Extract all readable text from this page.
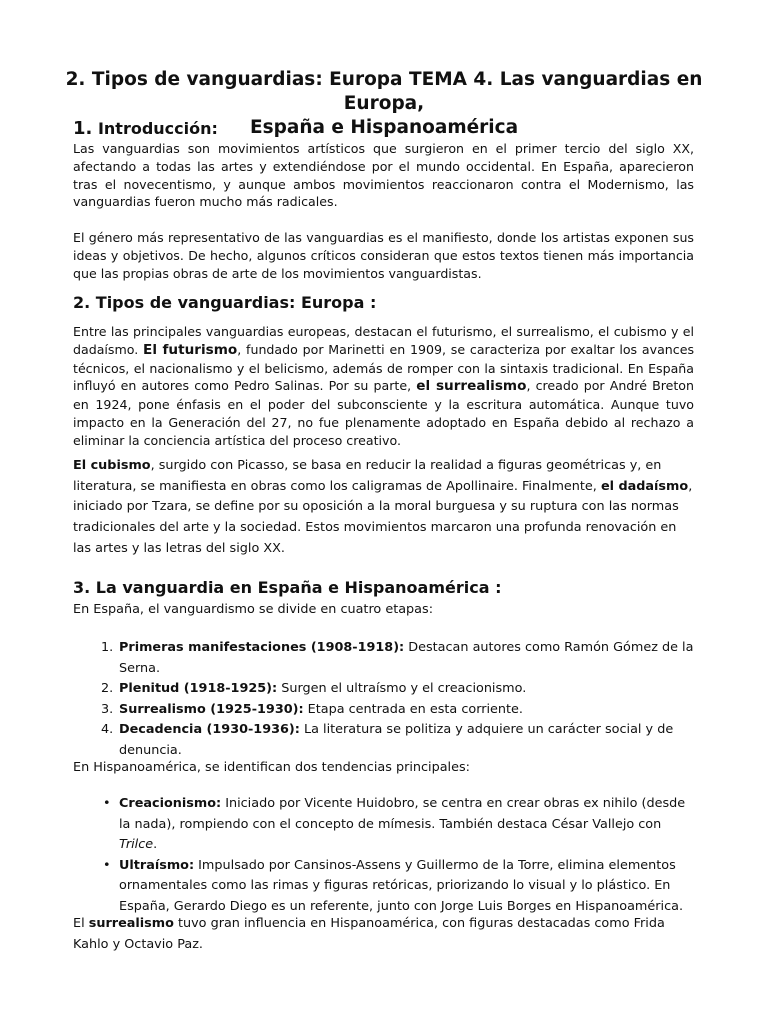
2. Tipos de vanguardias: Europa TEMA 4. Las vanguardias en Europa,
España e Hispanoamérica
1. Introducción:
Las vanguardias son movimientos artísticos que surgieron en el primer tercio del siglo XX, afectando a todas las artes y extendiéndose por el mundo occidental. En España, aparecieron tras el novecentismo, y aunque ambos movimientos reaccionaron contra el Modernismo, las vanguardias fueron mucho más radicales.
El género más representativo de las vanguardias es el manifiesto, donde los artistas exponen sus ideas y objetivos. De hecho, algunos críticos consideran que estos textos tienen más importancia que las propias obras de arte de los movimientos vanguardistas.
2. Tipos de vanguardias: Europa :
Entre las principales vanguardias europeas, destacan el futurismo, el surrealismo, el cubismo y el dadaísmo. El futurismo, fundado por Marinetti en 1909, se caracteriza por exaltar los avances técnicos, el nacionalismo y el belicismo, además de romper con la sintaxis tradicional. En España influyó en autores como Pedro Salinas. Por su parte, el surrealismo, creado por André Breton en 1924, pone énfasis en el poder del subconsciente y la escritura automática. Aunque tuvo impacto en la Generación del 27, no fue plenamente adoptado en España debido al rechazo a eliminar la conciencia artística del proceso creativo.
El cubismo, surgido con Picasso, se basa en reducir la realidad a figuras geométricas y, en literatura, se manifiesta en obras como los caligramas de Apollinaire. Finalmente, el dadaísmo, iniciado por Tzara, se define por su oposición a la moral burguesa y su ruptura con las normas tradicionales del arte y la sociedad. Estos movimientos marcaron una profunda renovación en las artes y las letras del siglo XX.
3. La vanguardia en España e Hispanoamérica :
En España, el vanguardismo se divide en cuatro etapas:
1. Primeras manifestaciones (1908-1918): Destacan autores como Ramón Gómez de la Serna.
2. Plenitud (1918-1925): Surgen el ultraísmo y el creacionismo.
3. Surrealismo (1925-1930): Etapa centrada en esta corriente.
4. Decadencia (1930-1936): La literatura se politiza y adquiere un carácter social y de denuncia.
En Hispanoamérica, se identifican dos tendencias principales:
• Creacionismo: Iniciado por Vicente Huidobro, se centra en crear obras ex nihilo (desde la nada), rompiendo con el concepto de mímesis. También destaca César Vallejo con Trilce.
• Ultraísmo: Impulsado por Cansinos-Assens y Guillermo de la Torre, elimina elementos ornamentales como las rimas y figuras retóricas, priorizando lo visual y lo plástico. En España, Gerardo Diego es un referente, junto con Jorge Luis Borges en Hispanoamérica.
El surrealismo tuvo gran influencia en Hispanoamérica, con figuras destacadas como Frida Kahlo y Octavio Paz.
